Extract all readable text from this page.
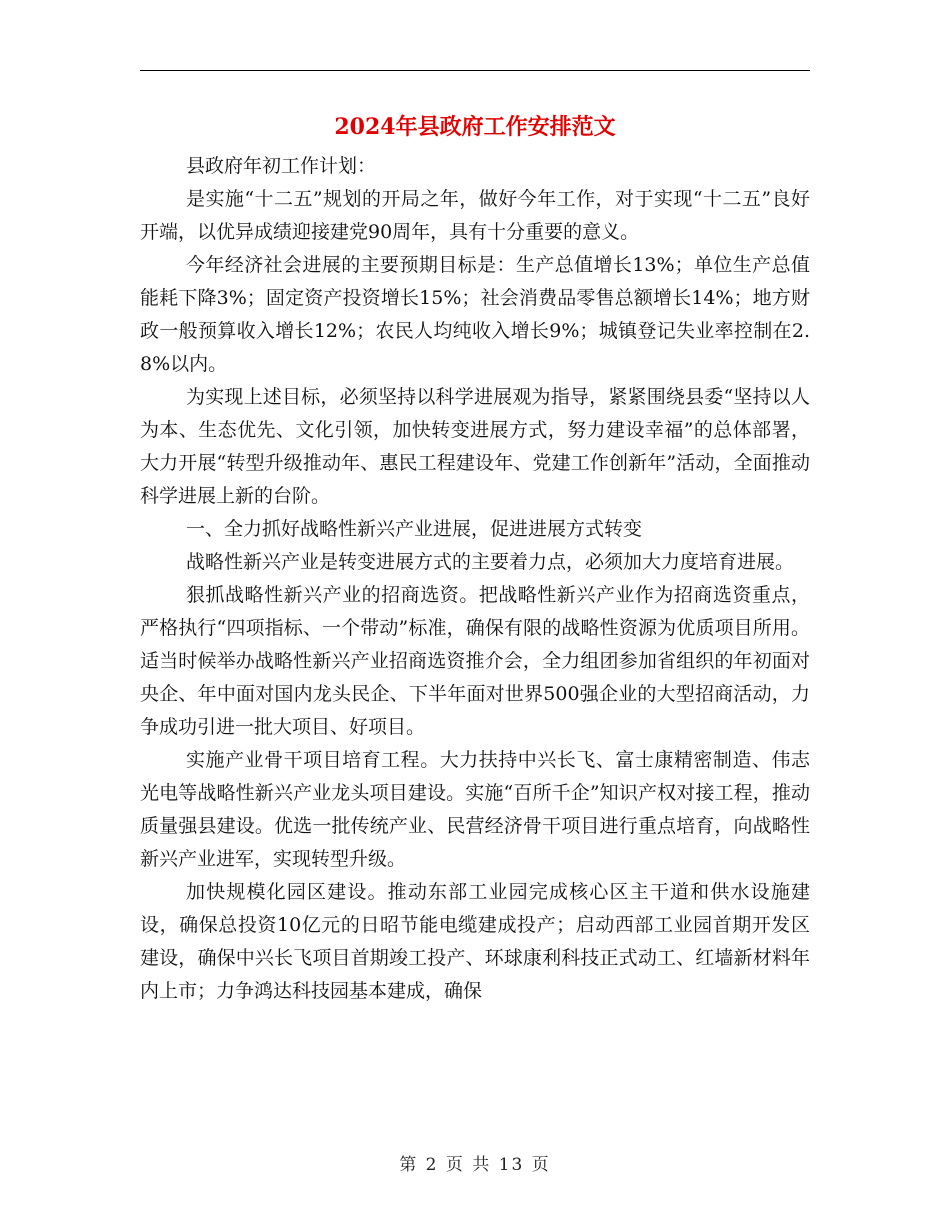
2024年县政府工作安排范文

县政府年初工作计划：

是实施“十二五”规划的开局之年，做好今年工作，对于实现“十二五”良好开端，以优异成绩迎接建党90周年，具有十分重要的意义。

今年经济社会进展的主要预期目标是：生产总值增长13%；单位生产总值能耗下降3%；固定资产投资增长15%；社会消费品零售总额增长14%；地方财政一般预算收入增长12%；农民人均纯收入增长9%；城镇登记失业率控制在2.8%以内。

为实现上述目标，必须坚持以科学进展观为指导，紧紧围绕县委“坚持以人为本、生态优先、文化引领，加快转变进展方式，努力建设幸福”的总体部署，大力开展“转型升级推动年、惠民工程建设年、党建工作创新年”活动，全面推动科学进展上新的台阶。

一、全力抓好战略性新兴产业进展，促进进展方式转变

战略性新兴产业是转变进展方式的主要着力点，必须加大力度培育进展。

狠抓战略性新兴产业的招商选资。把战略性新兴产业作为招商选资重点，严格执行“四项指标、一个带动”标准，确保有限的战略性资源为优质项目所用。适当时候举办战略性新兴产业招商选资推介会，全力组团参加省组织的年初面对央企、年中面对国内龙头民企、下半年面对世界500强企业的大型招商活动，力争成功引进一批大项目、好项目。

实施产业骨干项目培育工程。大力扶持中兴长飞、富士康精密制造、伟志光电等战略性新兴产业龙头项目建设。实施“百所千企”知识产权对接工程，推动质量强县建设。优选一批传统产业、民营经济骨干项目进行重点培育，向战略性新兴产业进军，实现转型升级。

加快规模化园区建设。推动东部工业园完成核心区主干道和供水设施建设，确保总投资10亿元的日昭节能电缆建成投产；启动西部工业园首期开发区建设，确保中兴长飞项目首期竣工投产、环球康利科技正式动工、红墙新材料年内上市；力争鸿达科技园基本建成，确保

第 2 页 共 13 页
